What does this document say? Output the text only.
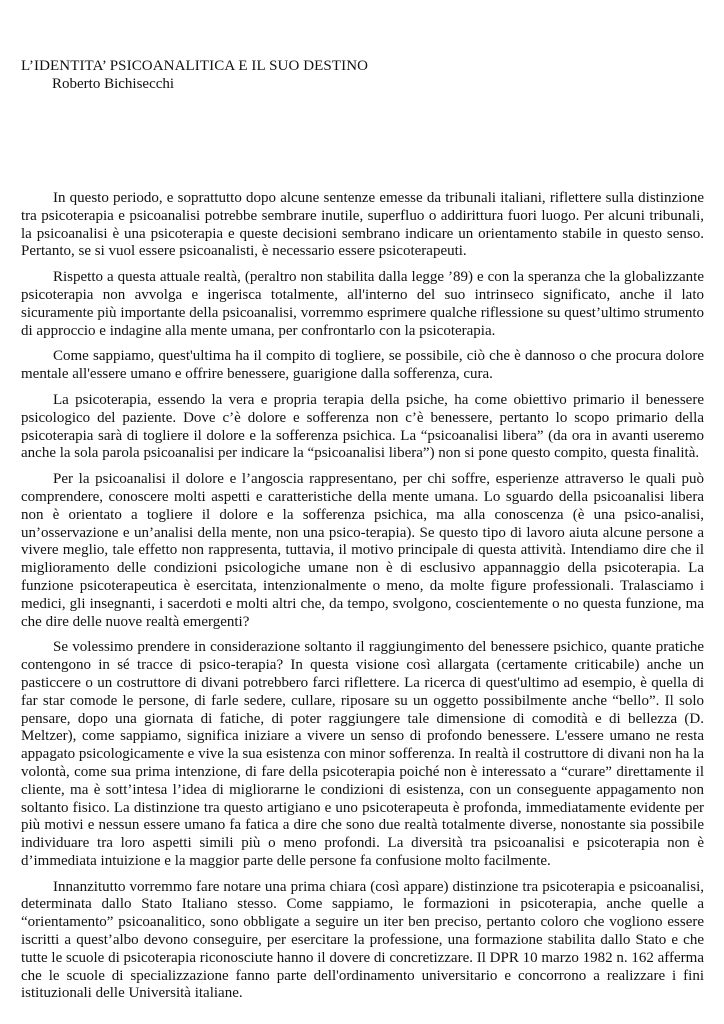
L’IDENTITA’ PSICOANALITICA E IL SUO DESTINO
Roberto Bichisecchi

In questo periodo, e soprattutto dopo alcune sentenze emesse da tribunali italiani, riflettere sulla distinzione tra psicoterapia e psicoanalisi potrebbe sembrare inutile, superfluo o addirittura fuori luogo. Per alcuni tribunali, la psicoanalisi è una psicoterapia e queste decisioni sembrano indicare un orientamento stabile in questo senso. Pertanto, se si vuol essere psicoanalisti, è necessario essere psicoterapeuti.

Rispetto a questa attuale realtà, (peraltro non stabilita dalla legge ’89) e con la speranza che la globalizzante psicoterapia non avvolga e ingerisca totalmente, all'interno del suo intrinseco significato, anche il lato sicuramente più importante della psicoanalisi, vorremmo esprimere qualche riflessione su quest’ultimo strumento di approccio e indagine alla mente umana, per confrontarlo con la psicoterapia.

Come sappiamo, quest'ultima ha il compito di togliere, se possibile, ciò che è dannoso o che procura dolore mentale all'essere umano e offrire benessere, guarigione dalla sofferenza, cura.

La psicoterapia, essendo la vera e propria terapia della psiche, ha come obiettivo primario il benessere psicologico del paziente. Dove c’è dolore e sofferenza non c’è benessere, pertanto lo scopo primario della psicoterapia sarà di togliere il dolore e la sofferenza psichica. La “psicoanalisi libera” (da ora in avanti useremo anche la sola parola psicoanalisi per indicare la “psicoanalisi libera”) non si pone questo compito, questa finalità.

Per la psicoanalisi il dolore e l’angoscia rappresentano, per chi soffre, esperienze attraverso le quali può comprendere, conoscere molti aspetti e caratteristiche della mente umana. Lo sguardo della psicoanalisi libera non è orientato a togliere il dolore e la sofferenza psichica, ma alla conoscenza (è una psico-analisi, un’osservazione e un’analisi della mente, non una psico-terapia). Se questo tipo di lavoro aiuta alcune persone a vivere meglio, tale effetto non rappresenta, tuttavia, il motivo principale di questa attività. Intendiamo dire che il miglioramento delle condizioni psicologiche umane non è di esclusivo appannaggio della psicoterapia. La funzione psicoterapeutica è esercitata, intenzionalmente o meno, da molte figure professionali. Tralasciamo i medici, gli insegnanti, i sacerdoti e molti altri che, da tempo, svolgono, coscientemente o no questa funzione, ma che dire delle nuove realtà emergenti?

Se volessimo prendere in considerazione soltanto il raggiungimento del benessere psichico, quante pratiche contengono in sé tracce di psico-terapia? In questa visione così allargata (certamente criticabile) anche un pasticcere o un costruttore di divani potrebbero farci riflettere. La ricerca di quest'ultimo ad esempio, è quella di far star comode le persone, di farle sedere, cullare, riposare su un oggetto possibilmente anche “bello”. Il solo pensare, dopo una giornata di fatiche, di poter raggiungere tale dimensione di comodità e di bellezza (D. Meltzer), come sappiamo, significa iniziare a vivere un senso di profondo benessere. L'essere umano ne resta appagato psicologicamente e vive la sua esistenza con minor sofferenza. In realtà il costruttore di divani non ha la volontà, come sua prima intenzione, di fare della psicoterapia poiché non è interessato a “curare” direttamente il cliente, ma è sott’intesa l’idea di migliorarne le condizioni di esistenza, con un conseguente appagamento non soltanto fisico. La distinzione tra questo artigiano e uno psicoterapeuta è profonda, immediatamente evidente per più motivi e nessun essere umano fa fatica a dire che sono due realtà totalmente diverse, nonostante sia possibile individuare tra loro aspetti simili più o meno profondi. La diversità tra psicoanalisi e psicoterapia non è d’immediata intuizione e la maggior parte delle persone fa confusione molto facilmente.

Innanzitutto vorremmo fare notare una prima chiara (così appare) distinzione tra psicoterapia e psicoanalisi, determinata dallo Stato Italiano stesso. Come sappiamo, le formazioni in psicoterapia, anche quelle a “orientamento” psicoanalitico, sono obbligate a seguire un iter ben preciso, pertanto coloro che vogliono essere iscritti a quest’albo devono conseguire, per esercitare la professione, una formazione stabilita dallo Stato e che tutte le scuole di psicoterapia riconosciute hanno il dovere di concretizzare. Il DPR 10 marzo 1982 n. 162 afferma che le scuole di specializzazione fanno parte dell'ordinamento universitario e concorrono a realizzare i fini istituzionali delle Università italiane.
